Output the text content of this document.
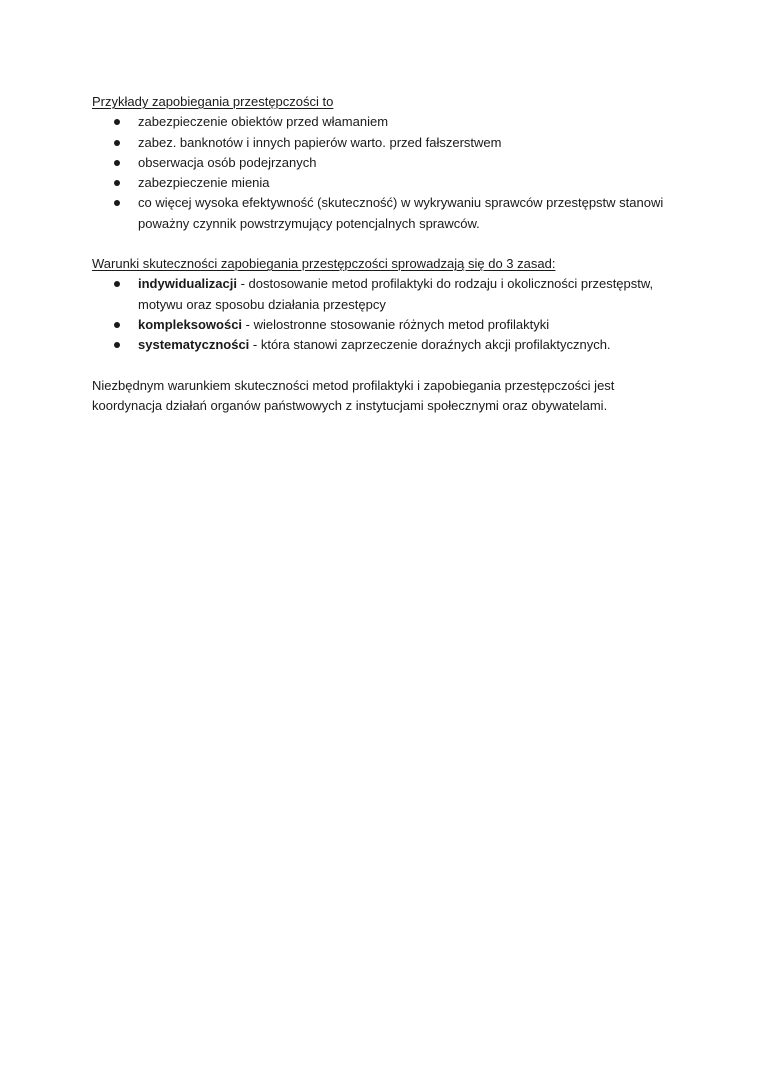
Przykłady zapobiegania przestępczości to

zabezpieczenie obiektów przed włamaniem
zabez. banknotów i innych papierów warto. przed fałszerstwem
obserwacja osób podejrzanych
zabezpieczenie mienia
co więcej wysoka efektywność (skuteczność) w wykrywaniu sprawców przestępstw stanowi poważny czynnik powstrzymujący potencjalnych sprawców.

Warunki skuteczności zapobiegania przestępczości sprowadzają się do 3 zasad:

indywidualizacji - dostosowanie metod profilaktyki do rodzaju i okoliczności przestępstw, motywu oraz sposobu działania przestępcy
kompleksowości - wielostronne stosowanie różnych metod profilaktyki
systematyczności - która stanowi zaprzeczenie doraźnych akcji profilaktycznych.

Niezbędnym warunkiem skuteczności metod profilaktyki i zapobiegania przestępczości jest koordynacja działań organów państwowych z instytucjami społecznymi oraz obywatelami.
